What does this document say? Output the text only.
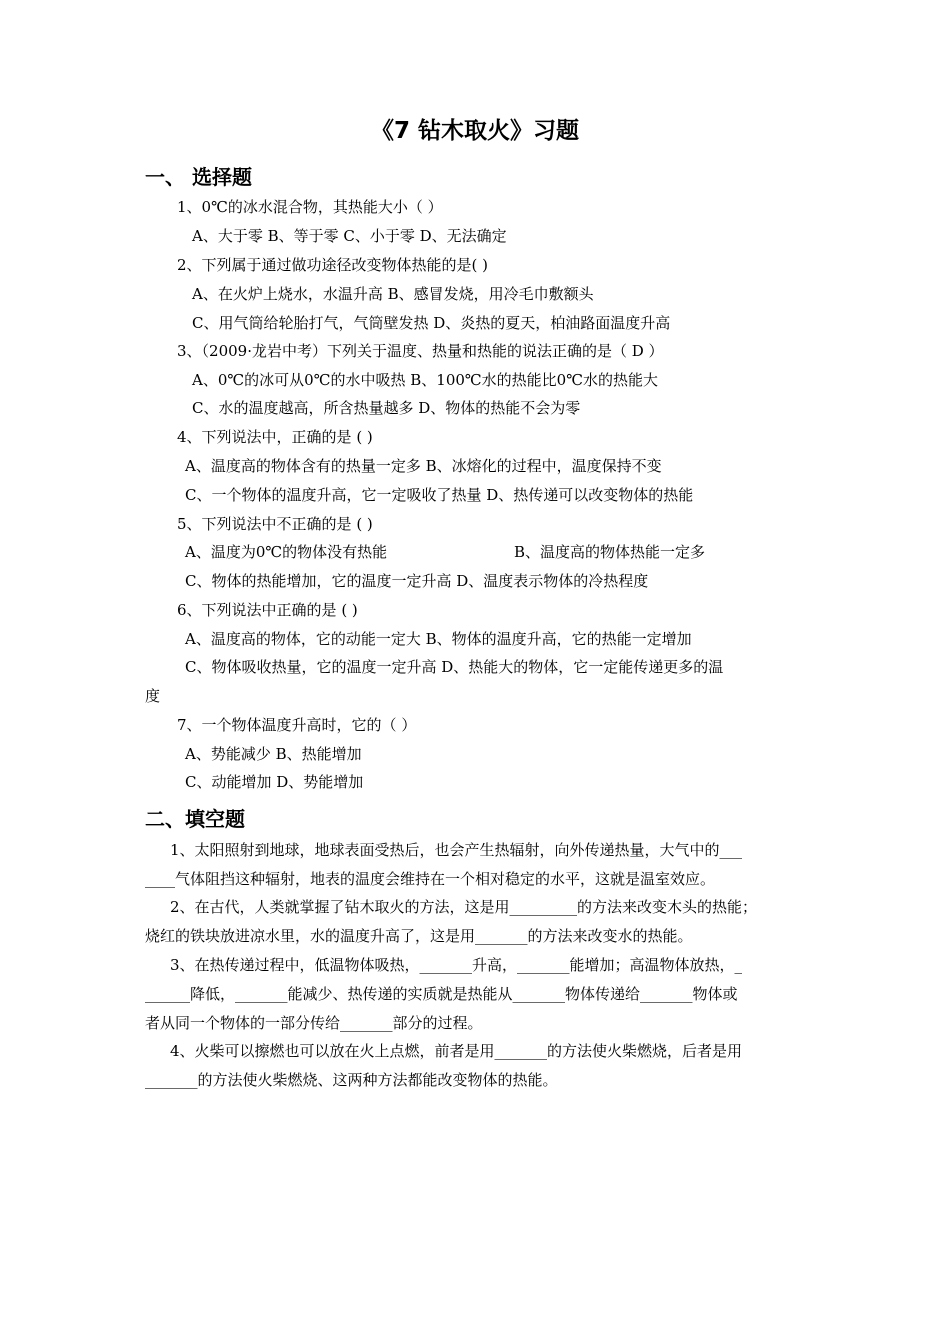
《7 钻木取火》习题
一、 选择题
1、0℃的冰水混合物，其热能大小（ ）
A、大于零 B、等于零 C、小于零 D、无法确定
2、下列属于通过做功途径改变物体热能的是( )
A、在火炉上烧水，水温升高 B、感冒发烧，用冷毛巾敷额头
C、用气筒给轮胎打气，气筒壁发热 D、炎热的夏天，柏油路面温度升高
3、（2009·龙岩中考）下列关于温度、热量和热能的说法正确的是（ D ）
A、0℃的冰可从0℃的水中吸热 B、100℃水的热能比0℃水的热能大
C、水的温度越高，所含热量越多 D、物体的热能不会为零
4、下列说法中，正确的是 ( )
A、温度高的物体含有的热量一定多 B、冰熔化的过程中，温度保持不变
C、一个物体的温度升高，它一定吸收了热量 D、热传递可以改变物体的热能
5、下列说法中不正确的是 ( )
A、温度为0℃的物体没有热能	B、温度高的物体热能一定多
C、物体的热能增加，它的温度一定升高 D、温度表示物体的冷热程度
6、下列说法中正确的是 ( )
A、温度高的物体，它的动能一定大 B、物体的温度升高，它的热能一定增加
C、物体吸收热量，它的温度一定升高 D、热能大的物体，它一定能传递更多的温
度
7、一个物体温度升高时，它的（ ）
A、势能减少 B、热能增加
C、动能增加 D、势能增加
二、填空题
1、太阳照射到地球，地球表面受热后，也会产生热辐射，向外传递热量，大气中的___
____气体阻挡这种辐射，地表的温度会维持在一个相对稳定的水平，这就是温室效应。
2、在古代，人类就掌握了钻木取火的方法，这是用_________的方法来改变木头的热能；
烧红的铁块放进凉水里，水的温度升高了，这是用_______的方法来改变水的热能。
3、在热传递过程中，低温物体吸热，_______升高，_______能增加；高温物体放热，_
______降低，_______能减少、热传递的实质就是热能从_______物体传递给_______物体或
者从同一个物体的一部分传给_______部分的过程。
4、火柴可以擦燃也可以放在火上点燃，前者是用_______的方法使火柴燃烧，后者是用
_______的方法使火柴燃烧、这两种方法都能改变物体的热能。
